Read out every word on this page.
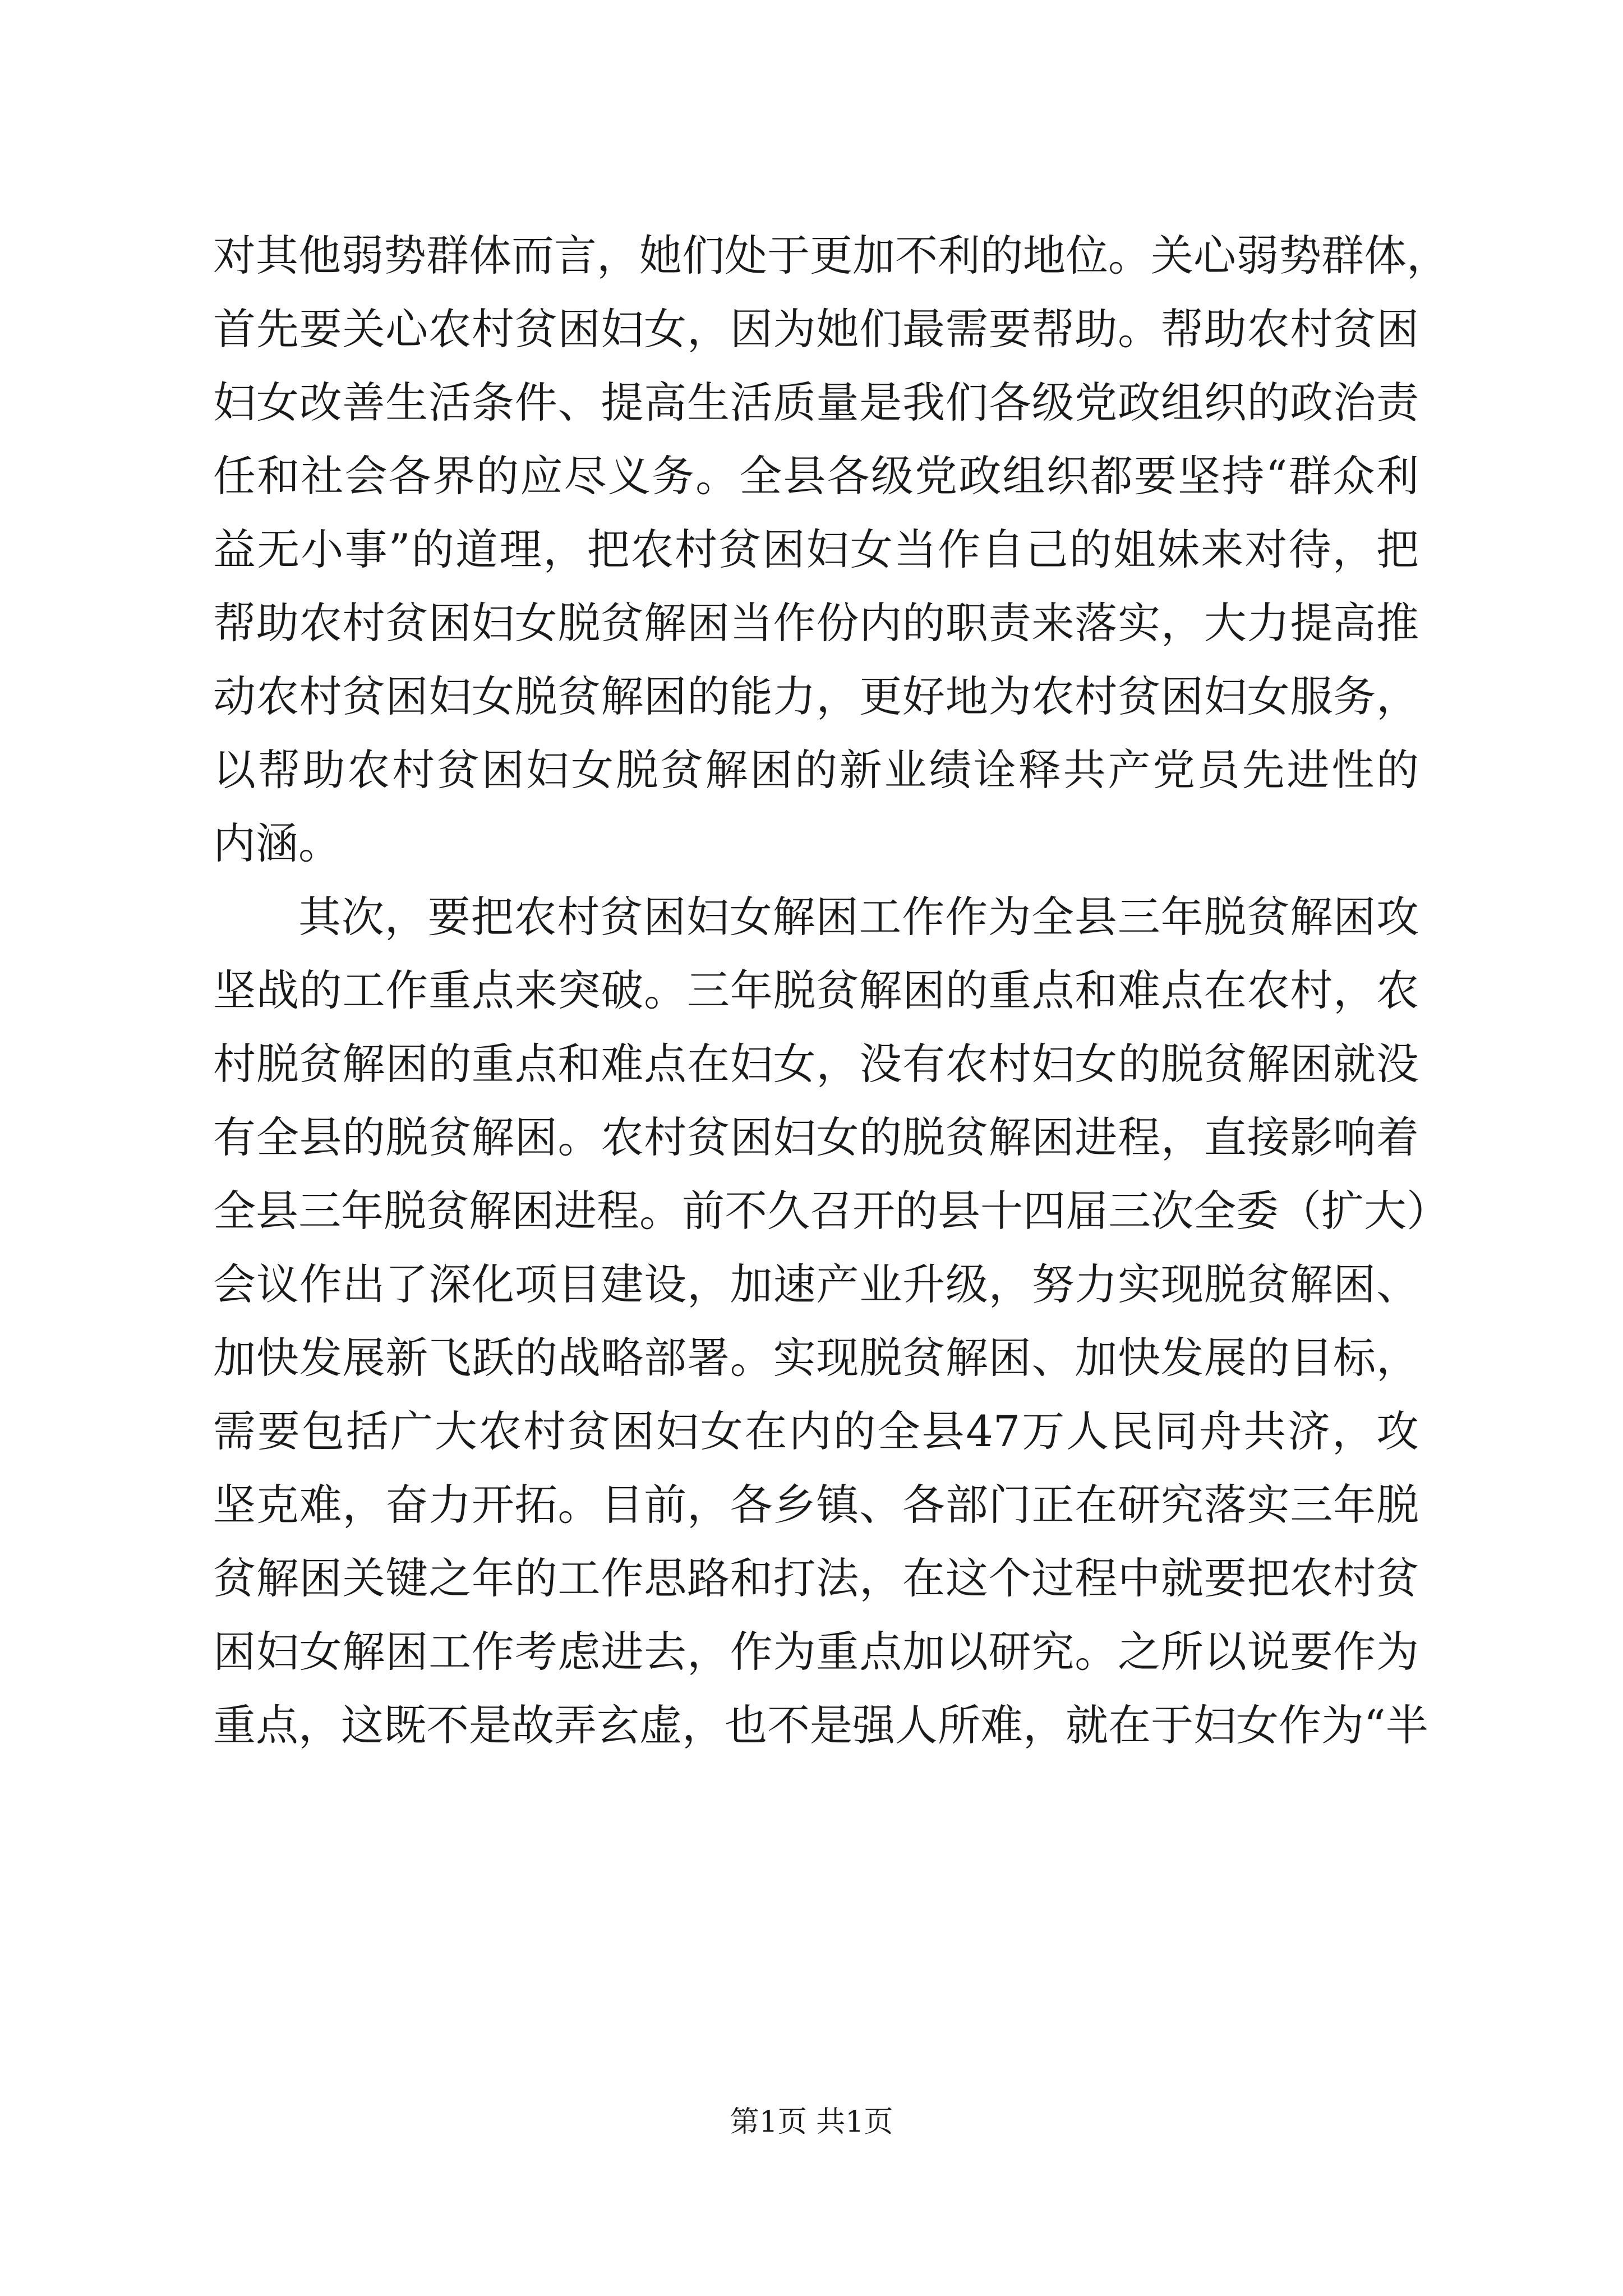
对其他弱势群体而言，她们处于更加不利的地位。关心弱势群体，
首先要关心农村贫困妇女，因为她们最需要帮助。帮助农村贫困
妇女改善生活条件、提高生活质量是我们各级党政组织的政治责
任和社会各界的应尽义务。全县各级党政组织都要坚持“群众利
益无小事”的道理，把农村贫困妇女当作自己的姐妹来对待，把
帮助农村贫困妇女脱贫解困当作份内的职责来落实，大力提高推
动农村贫困妇女脱贫解困的能力，更好地为农村贫困妇女服务，
以帮助农村贫困妇女脱贫解困的新业绩诠释共产党员先进性的
内涵。
其次，要把农村贫困妇女解困工作作为全县三年脱贫解困攻
坚战的工作重点来突破。三年脱贫解困的重点和难点在农村，农
村脱贫解困的重点和难点在妇女，没有农村妇女的脱贫解困就没
有全县的脱贫解困。农村贫困妇女的脱贫解困进程，直接影响着
全县三年脱贫解困进程。前不久召开的县十四届三次全委（扩大）
会议作出了深化项目建设，加速产业升级，努力实现脱贫解困、
加快发展新飞跃的战略部署。实现脱贫解困、加快发展的目标，
需要包括广大农村贫困妇女在内的全县47万人民同舟共济，攻
坚克难，奋力开拓。目前，各乡镇、各部门正在研究落实三年脱
贫解困关键之年的工作思路和打法，在这个过程中就要把农村贫
困妇女解困工作考虑进去，作为重点加以研究。之所以说要作为
重点，这既不是故弄玄虚，也不是强人所难，就在于妇女作为“半
第1页 共1页
